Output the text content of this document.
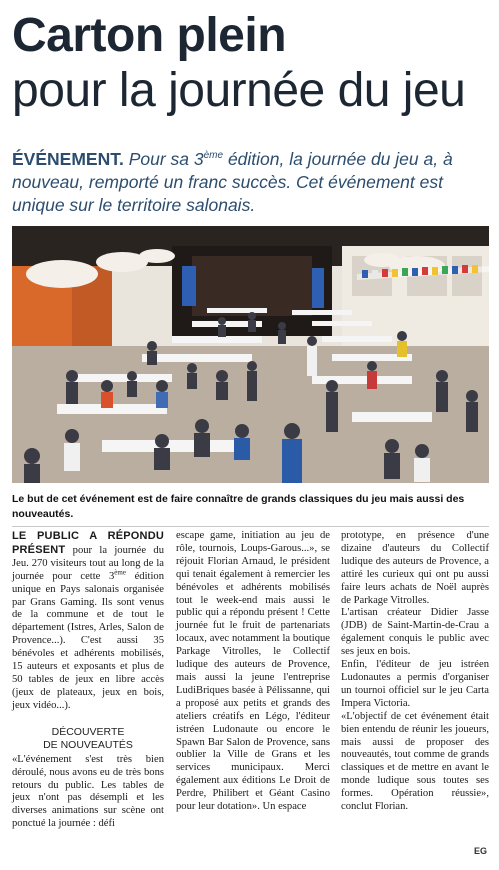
Carton plein
pour la journée du jeu
ÉVÉNEMENT. Pour sa 3ème édition, la journée du jeu a, à nouveau, remporté un franc succès. Cet événement est unique sur le territoire salonais.
Le but de cet événement est de faire connaître de grands classiques du jeu mais aussi des nouveautés.

LE PUBLIC A RÉPONDU PRÉSENT pour la journée du Jeu. 270 visiteurs tout au long de la journée pour cette 3ème édition unique en Pays salonais organisée par Grans Gaming. Ils sont venus de la commune et de tout le département (Istres, Arles, Salon de Provence...). C'est aussi 35 bénévoles et adhérents mobilisés, 15 auteurs et exposants et plus de 50 tables de jeux en libre accès (jeux de plateaux, jeux en bois, jeux vidéo...).

DÉCOUVERTE
DE NOUVEAUTÉS

«L'événement s'est très bien déroulé, nous avons eu de très bons retours du public. Les tables de jeux n'ont pas désempli et les diverses animations sur scène ont ponctué la journée : défi

escape game, initiation au jeu de rôle, tournois, Loups-Garous...», se réjouit Florian Arnaud, le président qui tenait également à remercier les bénévoles et adhérents mobilisés tout le week-end mais aussi le public qui a répondu présent ! Cette journée fut le fruit de partenariats locaux, avec notamment la boutique Parkage Vitrolles, le Collectif ludique des auteurs de Provence, mais aussi la jeune l'entreprise LudiBriques basée à Pélissanne, qui a proposé aux petits et grands des ateliers créatifs en Légo, l'éditeur istréen Ludonaute ou encore le Spawn Bar Salon de Provence, sans oublier la Ville de Grans et les services municipaux. Merci également aux éditions Le Droit de Perdre, Philibert et Géant Casino pour leur dotation». Un espace

prototype, en présence d'une dizaine d'auteurs du Collectif ludique des auteurs de Provence, a attiré les curieux qui ont pu aussi faire leurs achats de Noël auprès de Parkage Vitrolles.

L'artisan créateur Didier Jasse (JDB) de Saint-Martin-de-Crau a également conquis le public avec ses jeux en bois.

Enfin, l'éditeur de jeu istréen Ludonautes a permis d'organiser un tournoi officiel sur le jeu Carta Impera Victoria.

«L'objectif de cet événement était bien entendu de réunir les joueurs, mais aussi de proposer des nouveautés, tout comme de grands classiques et de mettre en avant le monde ludique sous toutes ses formes. Opération réussie», conclut Florian.

EG
